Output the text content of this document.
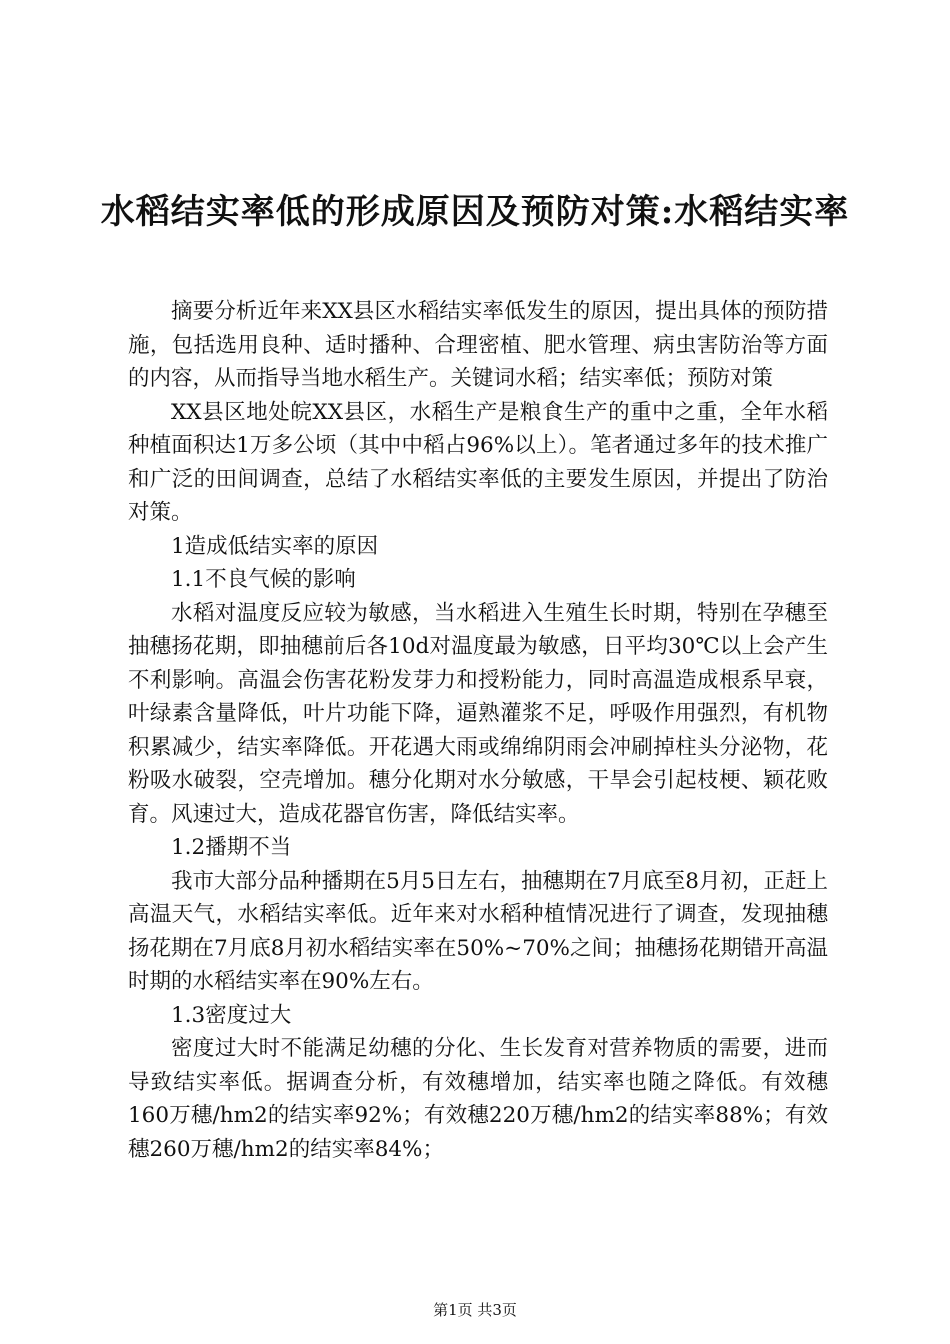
水稻结实率低的形成原因及预防对策:水稻结实率

摘要分析近年来XX县区水稻结实率低发生的原因，提出具体的预防措施，包括选用良种、适时播种、合理密植、肥水管理、病虫害防治等方面的内容，从而指导当地水稻生产。关键词水稻；结实率低；预防对策

XX县区地处皖XX县区，水稻生产是粮食生产的重中之重，全年水稻种植面积达1万多公顷（其中中稻占96%以上）。笔者通过多年的技术推广和广泛的田间调查，总结了水稻结实率低的主要发生原因，并提出了防治对策。

1造成低结实率的原因

1.1不良气候的影响

水稻对温度反应较为敏感，当水稻进入生殖生长时期，特别在孕穗至抽穗扬花期，即抽穗前后各10d对温度最为敏感，日平均30℃以上会产生不利影响。高温会伤害花粉发芽力和授粉能力，同时高温造成根系早衰，叶绿素含量降低，叶片功能下降，逼熟灌浆不足，呼吸作用强烈，有机物积累减少，结实率降低。开花遇大雨或绵绵阴雨会冲刷掉柱头分泌物，花粉吸水破裂，空壳增加。穗分化期对水分敏感，干旱会引起枝梗、颖花败育。风速过大，造成花器官伤害，降低结实率。

1.2播期不当

我市大部分品种播期在5月5日左右，抽穗期在7月底至8月初，正赶上高温天气，水稻结实率低。近年来对水稻种植情况进行了调查，发现抽穗扬花期在7月底8月初水稻结实率在50%~70%之间；抽穗扬花期错开高温时期的水稻结实率在90%左右。

1.3密度过大

密度过大时不能满足幼穗的分化、生长发育对营养物质的需要，进而导致结实率低。据调查分析，有效穗增加，结实率也随之降低。有效穗160万穗/hm2的结实率92%；有效穗220万穗/hm2的结实率88%；有效穗260万穗/hm2的结实率84%；

第1页 共3页
